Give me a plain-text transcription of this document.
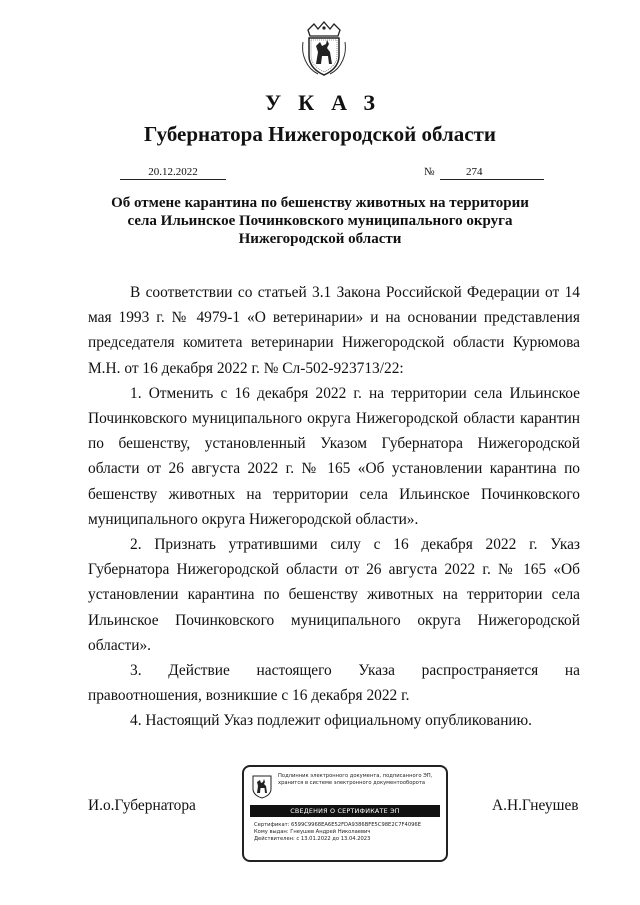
УКАЗ
Губернатора Нижегородской области
20.12.2022	№	274
Об отмене карантина по бешенству животных на территории
села Ильинское Починковского муниципального округа
Нижегородской области

В соответствии со статьей 3.1 Закона Российской Федерации от 14 мая 1993 г. № 4979-1 «О ветеринарии» и на основании представления председателя комитета ветеринарии Нижегородской области Курюмова М.Н. от 16 декабря 2022 г. № Сл-502-923713/22:

1. Отменить с 16 декабря 2022 г. на территории села Ильинское Починковского муниципального округа Нижегородской области карантин по бешенству, установленный Указом Губернатора Нижегородской области от 26 августа 2022 г. № 165 «Об установлении карантина по бешенству животных на территории села Ильинское Починковского муниципального округа Нижегородской области».

2. Признать утратившими силу с 16 декабря 2022 г. Указ Губернатора Нижегородской области от 26 августа 2022 г. № 165 «Об установлении карантина по бешенству животных на территории села Ильинское Починковского муниципального округа Нижегородской области».

3. Действие настоящего Указа распространяется на правоотношения, возникшие с 16 декабря 2022 г.

4. Настоящий Указ подлежит официальному опубликованию.

И.о.Губернатора	А.Н.Гнеушев
Подлинник электронного документа, подписанного ЭП, хранится в системе электронного документооборота
СВЕДЕНИЯ О СЕРТИФИКАТЕ ЭП
Сертификат: 6599C9968EA6E52FDA9386BFE5C98E2C7F4096E
Кому выдан: Гнеушев Андрей Николаевич
Действителен: с 13.01.2022 до 13.04.2023
